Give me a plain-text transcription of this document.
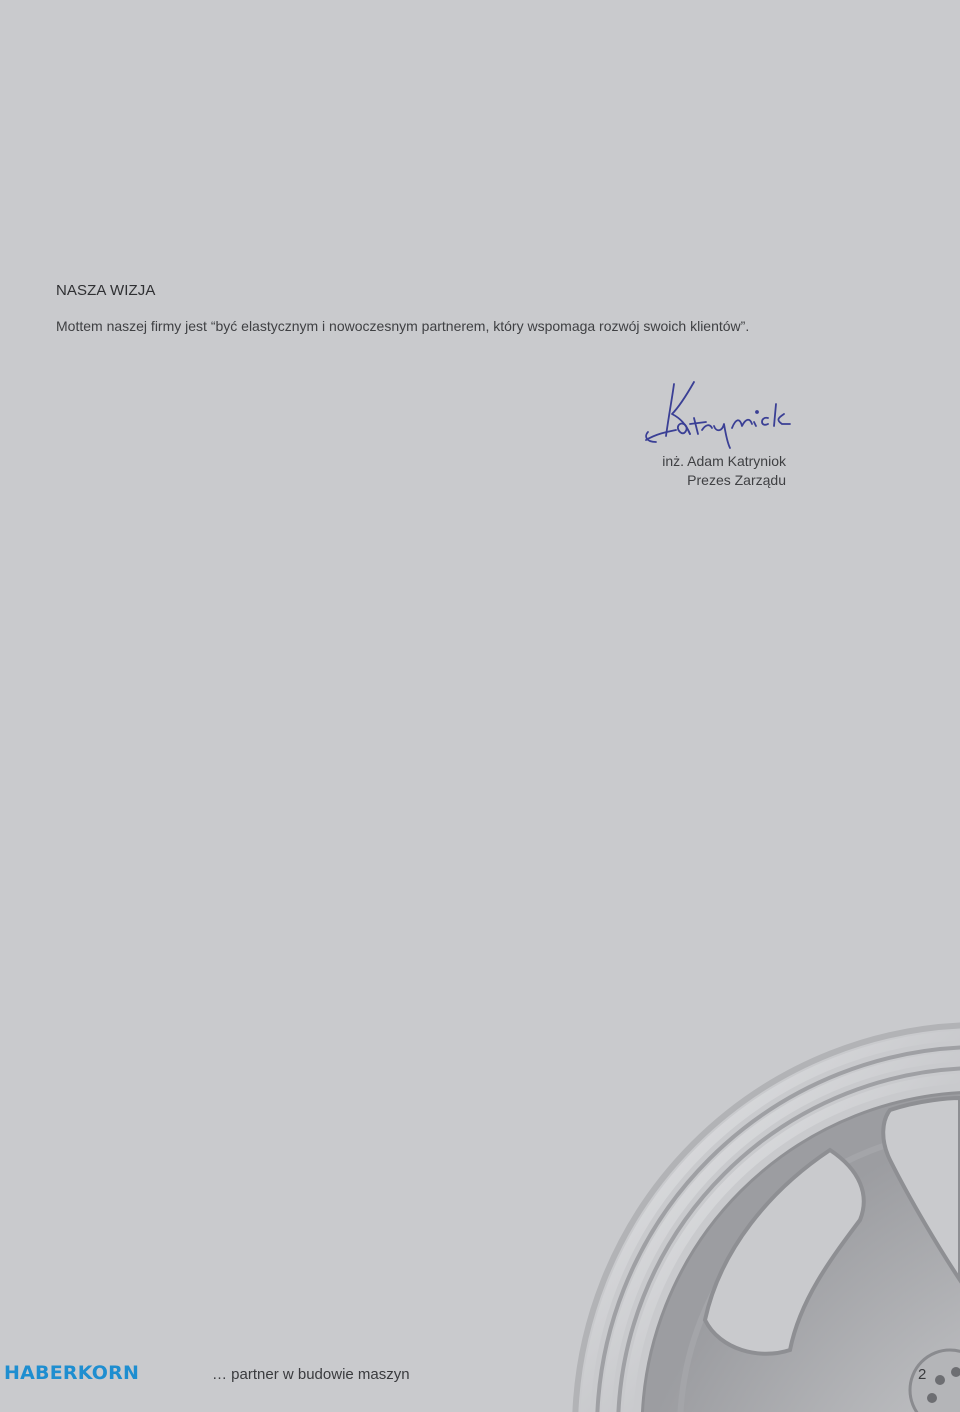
NASZA WIZJA
Mottem naszej firmy jest “być elastycznym i nowoczesnym partnerem, który wspomaga rozwój swoich klientów”.
inż. Adam Katryniok
Prezes Zarządu
HABERKORN	… partner w budowie maszyn	2
